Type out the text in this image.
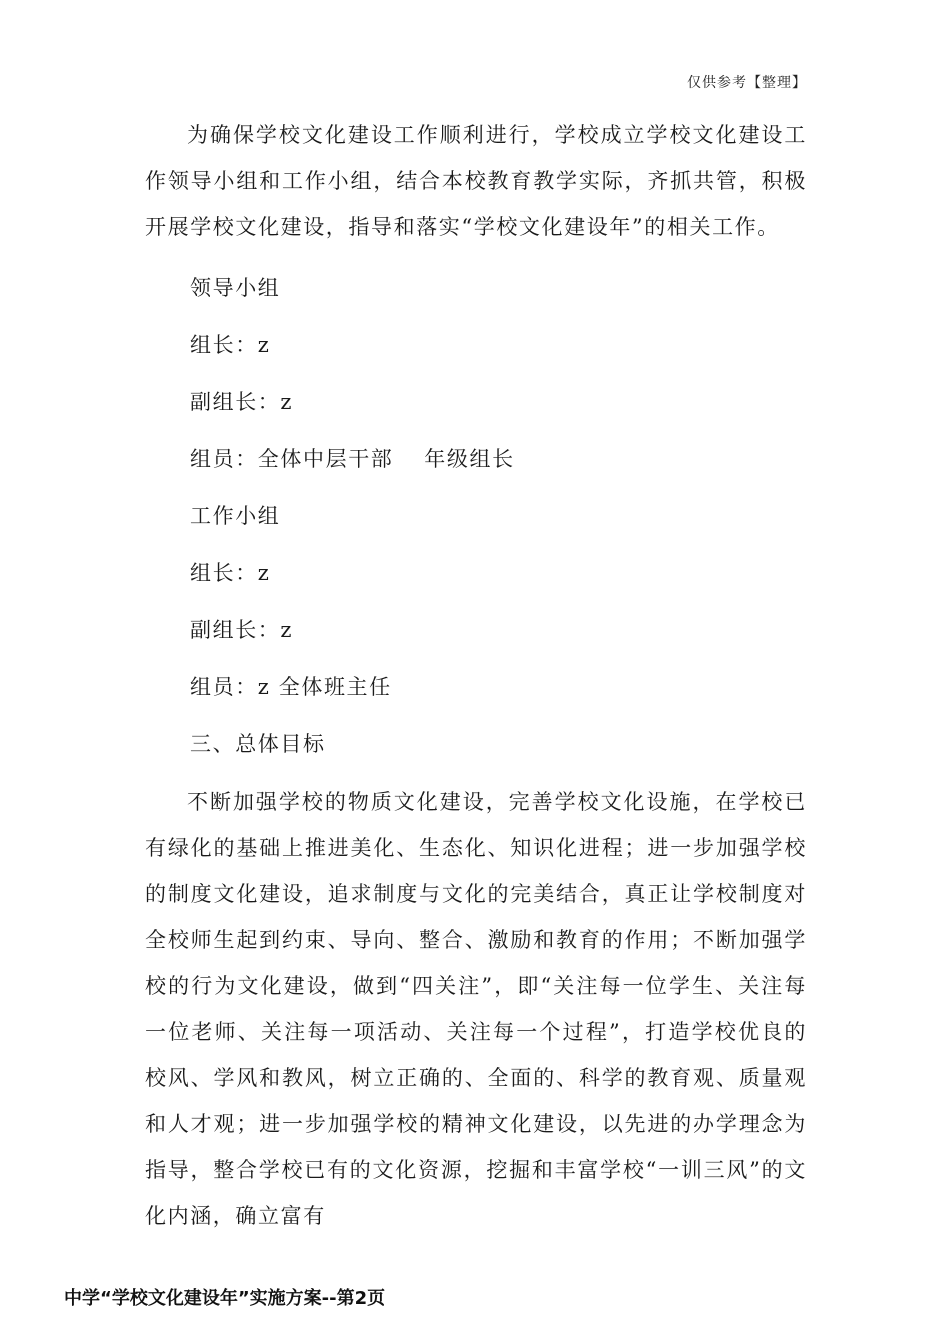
仅供参考【整理】

为确保学校文化建设工作顺利进行，学校成立学校文化建设工作领导小组和工作小组，结合本校教育教学实际，齐抓共管，积极开展学校文化建设，指导和落实“学校文化建设年”的相关工作。

领导小组

组长：z

副组长：z

组员：全体中层干部　 年级组长

工作小组

组长：z

副组长：z

组员：z 全体班主任

三、总体目标

不断加强学校的物质文化建设，完善学校文化设施，在学校已有绿化的基础上推进美化、生态化、知识化进程；进一步加强学校的制度文化建设，追求制度与文化的完美结合，真正让学校制度对全校师生起到约束、导向、整合、激励和教育的作用；不断加强学校的行为文化建设，做到“四关注”，即“关注每一位学生、关注每一位老师、关注每一项活动、关注每一个过程”，打造学校优良的校风、学风和教风，树立正确的、全面的、科学的教育观、质量观和人才观；进一步加强学校的精神文化建设，以先进的办学理念为指导，整合学校已有的文化资源，挖掘和丰富学校“一训三风”的文化内涵，确立富有

中学“学校文化建设年”实施方案--第2页
